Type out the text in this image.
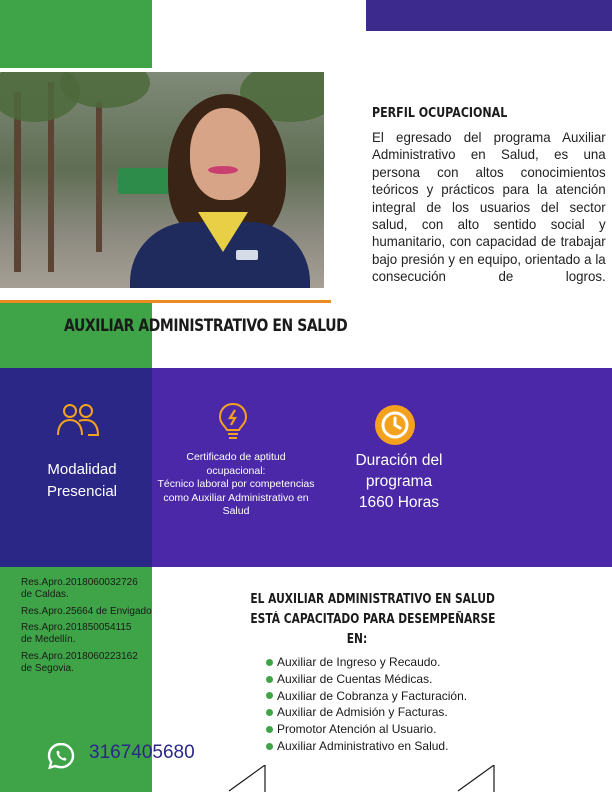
PERFIL OCUPACIONAL

El egresado del programa Auxiliar Administrativo en Salud, es una persona con altos conocimientos teóricos y prácticos para la atención integral de los usuarios del sector salud, con alto sentido social y humanitario, con capacidad de trabajar bajo presión y en equipo, orientado a la consecución de logros.

AUXILIAR ADMINISTRATIVO EN SALUD
Modalidad
Presencial
Certificado de aptitud
ocupacional:
Técnico laboral por competencias
como Auxiliar Administrativo en
Salud
Duración del
programa
1660 Horas
Res.Apro.2018060032726
de Caldas.
Res.Apro.25664 de Envigado
Res.Apro.201850054115
de Medellín.
Res.Apro.2018060223162
de Segovia.
EL AUXILIAR ADMINISTRATIVO EN SALUD
ESTÁ CAPACITADO PARA DESEMPEÑARSE
EN:
Auxiliar de Ingreso y Recaudo.
Auxiliar de Cuentas Médicas.
Auxiliar de Cobranza y Facturación.
Auxiliar de Admisión y Facturas.
Promotor Atención al Usuario.
Auxiliar Administrativo en Salud.
3167405680
